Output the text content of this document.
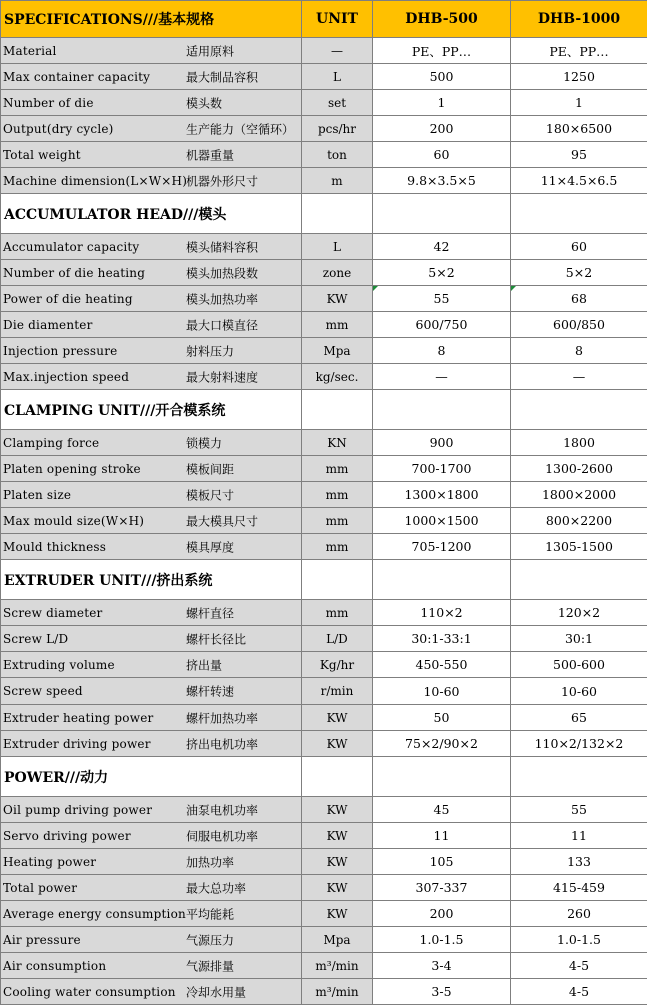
SPECIFICATIONS///基本规格	UNIT	DHB-500	DHB-1000

Material 适用原料	—	PE、PP…	PE、PP…

Max container capacity 最大制品容积	L	500	1250

Number of die 模头数	set	1	1

Output(dry cycle) 生产能力（空循环）	pcs/hr	200	180×6500

Total weight 机器重量	ton	60	95

Machine dimension(L×W×H)
机器外形尺寸	m	9.8×3.5×5	11×4.5×6.5
ACCUMULATOR HEAD///模头			

Accumulator capacity 模头储料容积	L	42	60

Number of die heating 模头加热段数	zone	5×2	5×2

Power of die heating 模头加热功率	KW	55	68

Die diamenter 最大口模直径	mm	600/750	600/850

Injection pressure 射料压力	Mpa	8	8

Max.injection speed 最大射料速度	kg/sec.	—	—
CLAMPING UNIT///开合模系统			

Clamping force 锁模力	KN	900	1800

Platen opening stroke 模板间距	mm	700-1700	1300-2600

Platen size 模板尺寸	mm	1300×1800	1800×2000

Max mould size(W×H) 最大模具尺寸	mm	1000×1500	800×2200

Mould thickness 模具厚度	mm	705-1200	1305-1500
EXTRUDER UNIT///挤出系统			

Screw diameter 螺杆直径	mm	110×2	120×2

Screw L/D 螺杆长径比	L/D	30:1-33:1	30:1

Extruding volume 挤出量	Kg/hr	450-550	500-600

Screw speed 螺杆转速	r/min	10-60	10-60

Extruder heating power 螺杆加热功率	KW	50	65

Extruder driving power 挤出电机功率	KW	75×2/90×2	110×2/132×2
POWER///动力			

Oil pump driving power 油泵电机功率	KW	45	55

Servo driving power 伺服电机功率	KW	11	11

Heating power 加热功率	KW	105	133

Total power 最大总功率	KW	307-337	415-459

Average energy consumption 平均能耗	KW	200	260

Air pressure 气源压力	Mpa	1.0-1.5	1.0-1.5

Air consumption 气源排量	m³/min	3-4	4-5

Cooling water consumption 冷却水用量	m³/min	3-5	4-5
